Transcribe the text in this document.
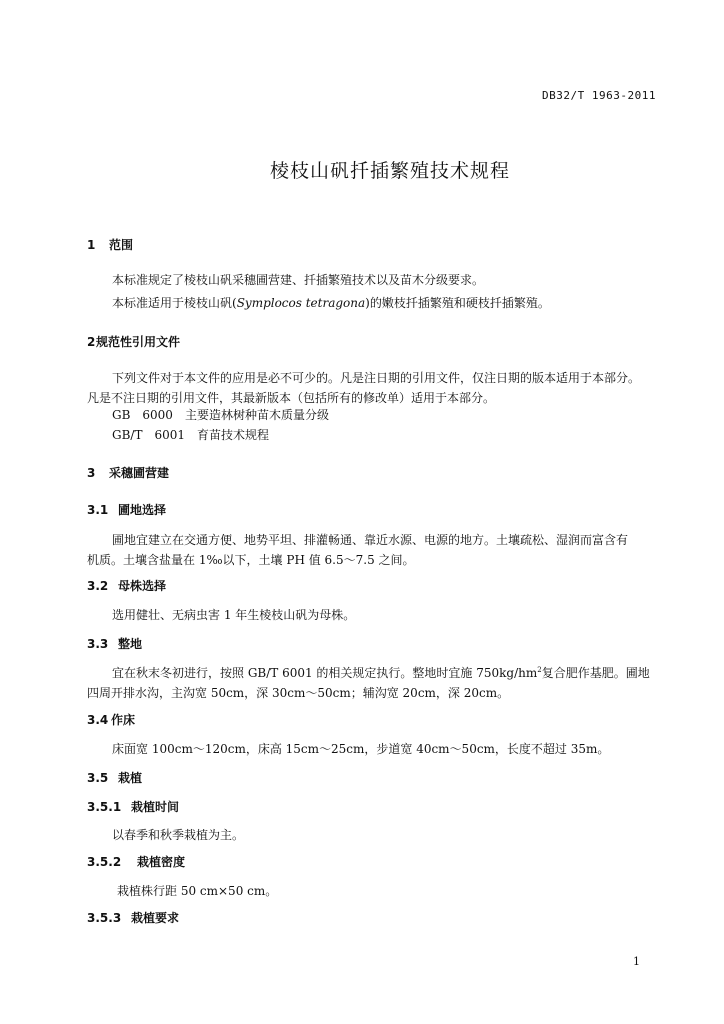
DB32/T 1963-2011
棱枝山矾扦插繁殖技术规程
1 范围
本标准规定了棱枝山矾采穗圃营建、扦插繁殖技术以及苗木分级要求。
本标准适用于棱枝山矾(Symplocos tetragona)的嫩枝扦插繁殖和硬枝扦插繁殖。
2规范性引用文件
下列文件对于本文件的应用是必不可少的。凡是注日期的引用文件，仅注日期的版本适用于本部分。
凡是不注日期的引用文件，其最新版本（包括所有的修改单）适用于本部分。
GB　6000　主要造林树种苗木质量分级
GB/T　6001　育苗技术规程
3 采穗圃营建
3.1 圃地选择
圃地宜建立在交通方便、地势平坦、排灌畅通、靠近水源、电源的地方。土壤疏松、湿润而富含有
机质。土壤含盐量在 1‰以下，土壤 PH 值 6.5～7.5 之间。
3.2 母株选择
选用健壮、无病虫害 1 年生棱枝山矾为母株。
3.3 整地
宜在秋末冬初进行，按照 GB/T 6001 的相关规定执行。整地时宜施 $750kg/hm^2$复合肥作基肥。圃地
四周开排水沟，主沟宽 50cm，深 30cm～50cm；辅沟宽 20cm，深 20cm。
3.4 作床
床面宽 100cm～120cm，床高 15cm～25cm，步道宽 40cm～50cm，长度不超过 35m。
3.5 栽植
3.5.1 栽植时间
以春季和秋季栽植为主。
3.5.2 栽植密度
栽植株行距 50 cm×50 cm。
3.5.3 栽植要求
1
